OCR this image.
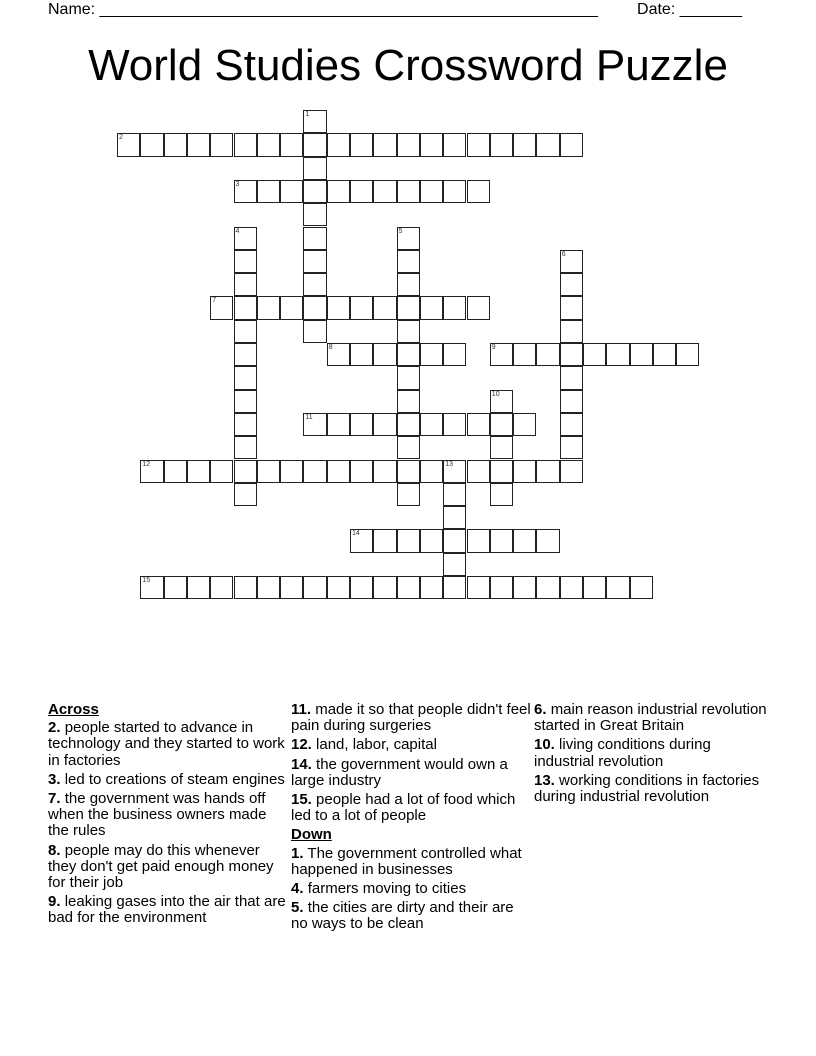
Name: ________________________________________________________ Date: _______
World Studies Crossword Puzzle
2
3
7
8	9
11
12	13
14
15
1
4	5
6
10
Across
2. people started to advance in technology and they started to work in factories
3. led to creations of steam engines
7. the government was hands off when the business owners made the rules
8. people may do this whenever they don't get paid enough money for their job
9. leaking gases into the air that are bad for the environment
11. made it so that people didn't feel pain during surgeries
12. land, labor, capital
14. the government would own a large industry
15. people had a lot of food which led to a lot of people
Down
1. The government controlled what happened in businesses
4. farmers moving to cities
5. the cities are dirty and their are no ways to be clean
6. main reason industrial revolution started in Great Britain
10. living conditions during industrial revolution
13. working conditions in factories during industrial revolution
